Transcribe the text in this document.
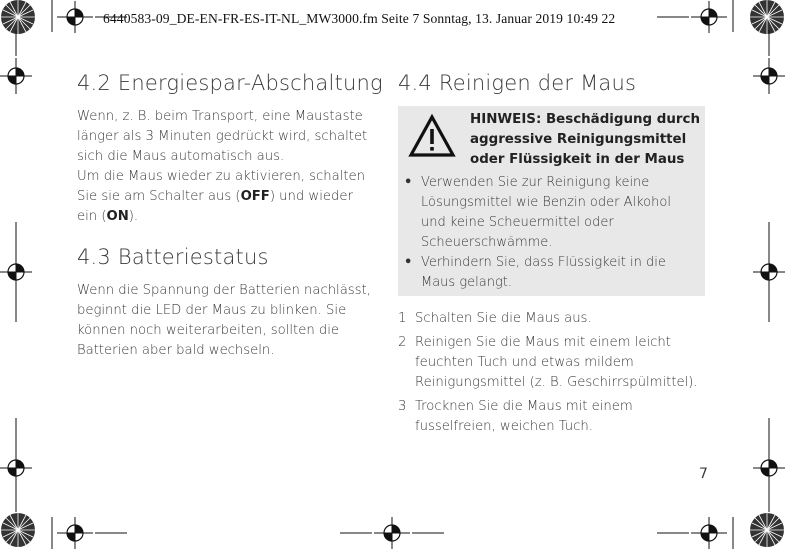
6440583-09_DE-EN-FR-ES-IT-NL_MW3000.fm Seite 7 Sonntag, 13. Januar 2019 10:49 22
4.2 Energiespar-Abschaltung

Wenn, z. B. beim Transport, eine Maustaste
länger als 3 Minuten gedrückt wird, schaltet
sich die Maus automatisch aus.
Um die Maus wieder zu aktivieren, schalten
Sie sie am Schalter aus (OFF) und wieder
ein (ON).

4.3 Batteriestatus

Wenn die Spannung der Batterien nachlässt,
beginnt die LED der Maus zu blinken. Sie
können noch weiterarbeiten, sollten die
Batterien aber bald wechseln.

4.4 Reinigen der Maus
HINWEIS: Beschädigung durch
aggressive Reinigungsmittel
oder Flüssigkeit in der Maus
• Verwenden Sie zur Reinigung keine
Lösungsmittel wie Benzin oder Alkohol
und keine Scheuermittel oder
Scheuerschwämme.
• Verhindern Sie, dass Flüssigkeit in die
Maus gelangt.
1 Schalten Sie die Maus aus.
2 Reinigen Sie die Maus mit einem leicht
feuchten Tuch und etwas mildem
Reinigungsmittel (z. B. Geschirrspülmittel).
3 Trocknen Sie die Maus mit einem
fusselfreien, weichen Tuch.
7
